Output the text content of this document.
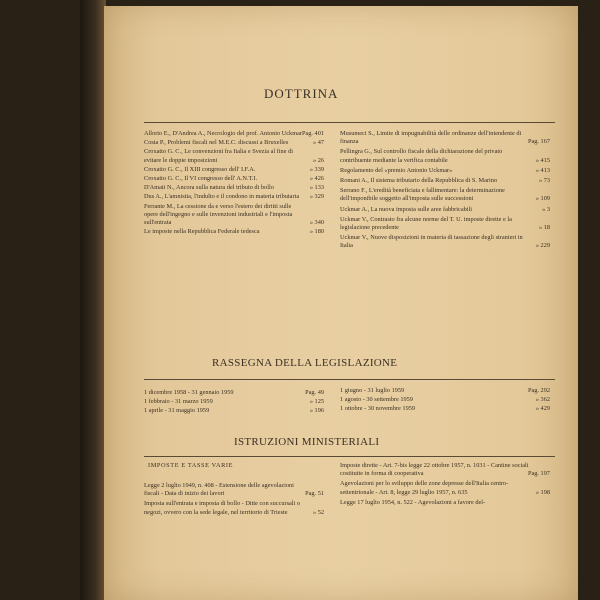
DOTTRINA
Allorio E., D'Andrea A., Necrologio del prof. Antonio Uckmar Pag. 401
Costa P., Problemi fiscali nel M.E.C. discussi a Bruxelles	» 47
Croxatto G. C., Le convenzioni fra Italia e Svezia al fine di evitare le doppie imposizioni	» 26
Croxatto G. C., Il XIII congresso dell' I.F.A.	» 339
Croxatto G. C., Il VI congresso dell' A.N.T.I.	» 426
D'Amati N., Ancora sulla natura del tributo di bollo	» 133
Dus A., L'amnistia, l'indulto e il condono in materia tributaria	» 329
Ferrante M., La cessione da e verso l'estero dei diritti sulle opere dell'ingegno e sulle invenzioni industriali e l'imposta sull'entrata	» 340
Le imposte nella Repubblica Federale tedesca	» 180
Musumeci S., Limite di impugnabilità delle ordinanze dell'intendente di finanza	Pag. 167
Pellingra G., Sul controllo fiscale della dichiarazione del privato contribuente mediante la verifica contabile	» 415
Regolamento del «premio Antonio Uckmar»	» 413
Romani A., Il sistema tributario della Repubblica di S. Marino	» 73
Serrano F., L'eredità beneficiata e fallimentare: la determinazione dell'imponibile soggetto all'imposta sulle successioni	» 109
Uckmar A., La nuova imposta sulle aree fabbricabili	» 3
Uckmar V., Contrasto fra alcune norme del T. U. imposte dirette e la legislazione precedente	» 18
Uckmar V., Nuove disposizioni in materia di tassazione degli stranieri in Italia	» 229
RASSEGNA DELLA LEGISLAZIONE
1 dicembre 1958 - 31 gennaio 1959	Pag. 49
1 febbraio - 31 marzo 1959	» 125
1 aprile - 31 maggio 1959	» 196
1 giugno - 31 luglio 1959	Pag. 292
1 agosto - 30 settembre 1959	» 362
1 ottobre - 30 novembre 1959	» 429
ISTRUZIONI MINISTERIALI
IMPOSTE E TASSE VARIE
Legge 2 luglio 1949, n. 408 - Estensione delle agevolazioni fiscali - Data di inizio dei lavori	Pag. 51
Imposta sull'entrata e imposta di bollo - Ditte con succursali o negozi, ovvero con la sede legale, nel territorio di Trieste	» 52
Imposte dirette - Art. 7-bis legge 22 ottobre 1957, n. 1031 - Cantine sociali costituite in forma di cooperativa	Pag. 197
Agevolazioni per lo sviluppo delle zone depresse dell'Italia centro-settentrionale - Art. 8, legge 29 luglio 1957, n. 635	» 198
Legge 17 luglio 1954, n. 522 - Agevolazioni a favore del-
